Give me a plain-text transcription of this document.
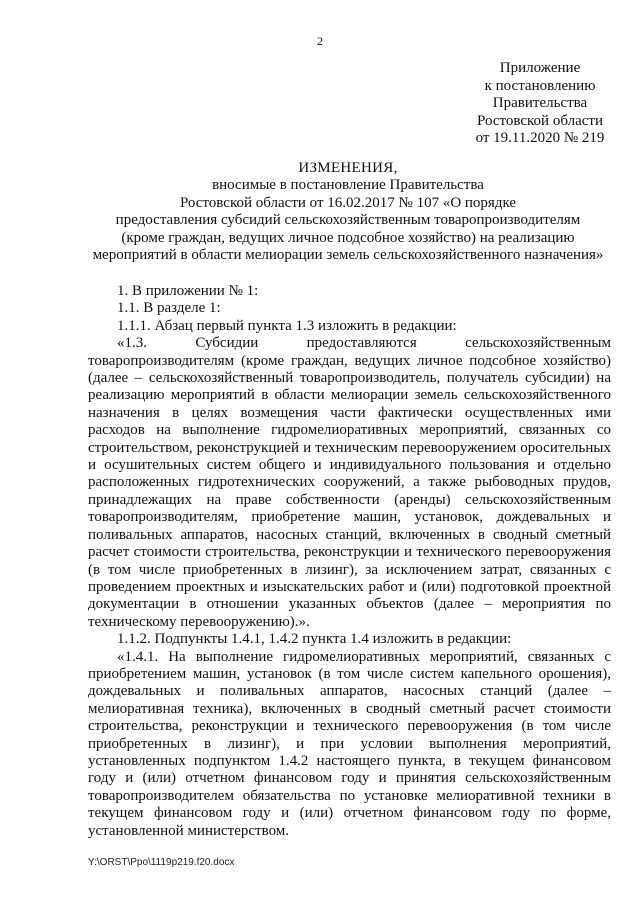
2
Приложение
к постановлению
Правительства
Ростовской области
от 19.11.2020 № 219
ИЗМЕНЕНИЯ,
вносимые в постановление Правительства
Ростовской области от 16.02.2017 № 107 «О порядке
предоставления субсидий сельскохозяйственным товаропроизводителям
(кроме граждан, ведущих личное подсобное хозяйство) на реализацию
мероприятий в области мелиорации земель сельскохозяйственного назначения»

1. В приложении № 1:

1.1. В разделе 1:

1.1.1. Абзац первый пункта 1.3 изложить в редакции:

«1.3. Субсидии предоставляются сельскохозяйственным товаропроизводителям (кроме граждан, ведущих личное подсобное хозяйство) (далее – сельскохозяйственный товаропроизводитель, получатель субсидии) на реализацию мероприятий в области мелиорации земель сельскохозяйственного назначения в целях возмещения части фактически осуществленных ими расходов на выполнение гидромелиоративных мероприятий, связанных со строительством, реконструкцией и техническим перевооружением оросительных и осушительных систем общего и индивидуального пользования и отдельно расположенных гидротехнических сооружений, а также рыбоводных прудов, принадлежащих на праве собственности (аренды) сельскохозяйственным товаропроизводителям, приобретение машин, установок, дождевальных и поливальных аппаратов, насосных станций, включенных в сводный сметный расчет стоимости строительства, реконструкции и технического перевооружения (в том числе приобретенных в лизинг), за исключением затрат, связанных с проведением проектных и изыскательских работ и (или) подготовкой проектной документации в отношении указанных объектов (далее – мероприятия по техническому перевооружению).».

1.1.2. Подпункты 1.4.1, 1.4.2 пункта 1.4 изложить в редакции:

«1.4.1. На выполнение гидромелиоративных мероприятий, связанных с приобретением машин, установок (в том числе систем капельного орошения), дождевальных и поливальных аппаратов, насосных станций (далее – мелиоративная техника), включенных в сводный сметный расчет стоимости строительства, реконструкции и технического перевооружения (в том числе приобретенных в лизинг), и при условии выполнения мероприятий, установленных подпунктом 1.4.2 настоящего пункта, в текущем финансовом году и (или) отчетном финансовом году и принятия сельскохозяйственным товаропроизводителем обязательства по установке мелиоративной техники в текущем финансовом году и (или) отчетном финансовом году по форме, установленной министерством.

Y:\ORST\Ppo\1119p219.f20.docx
